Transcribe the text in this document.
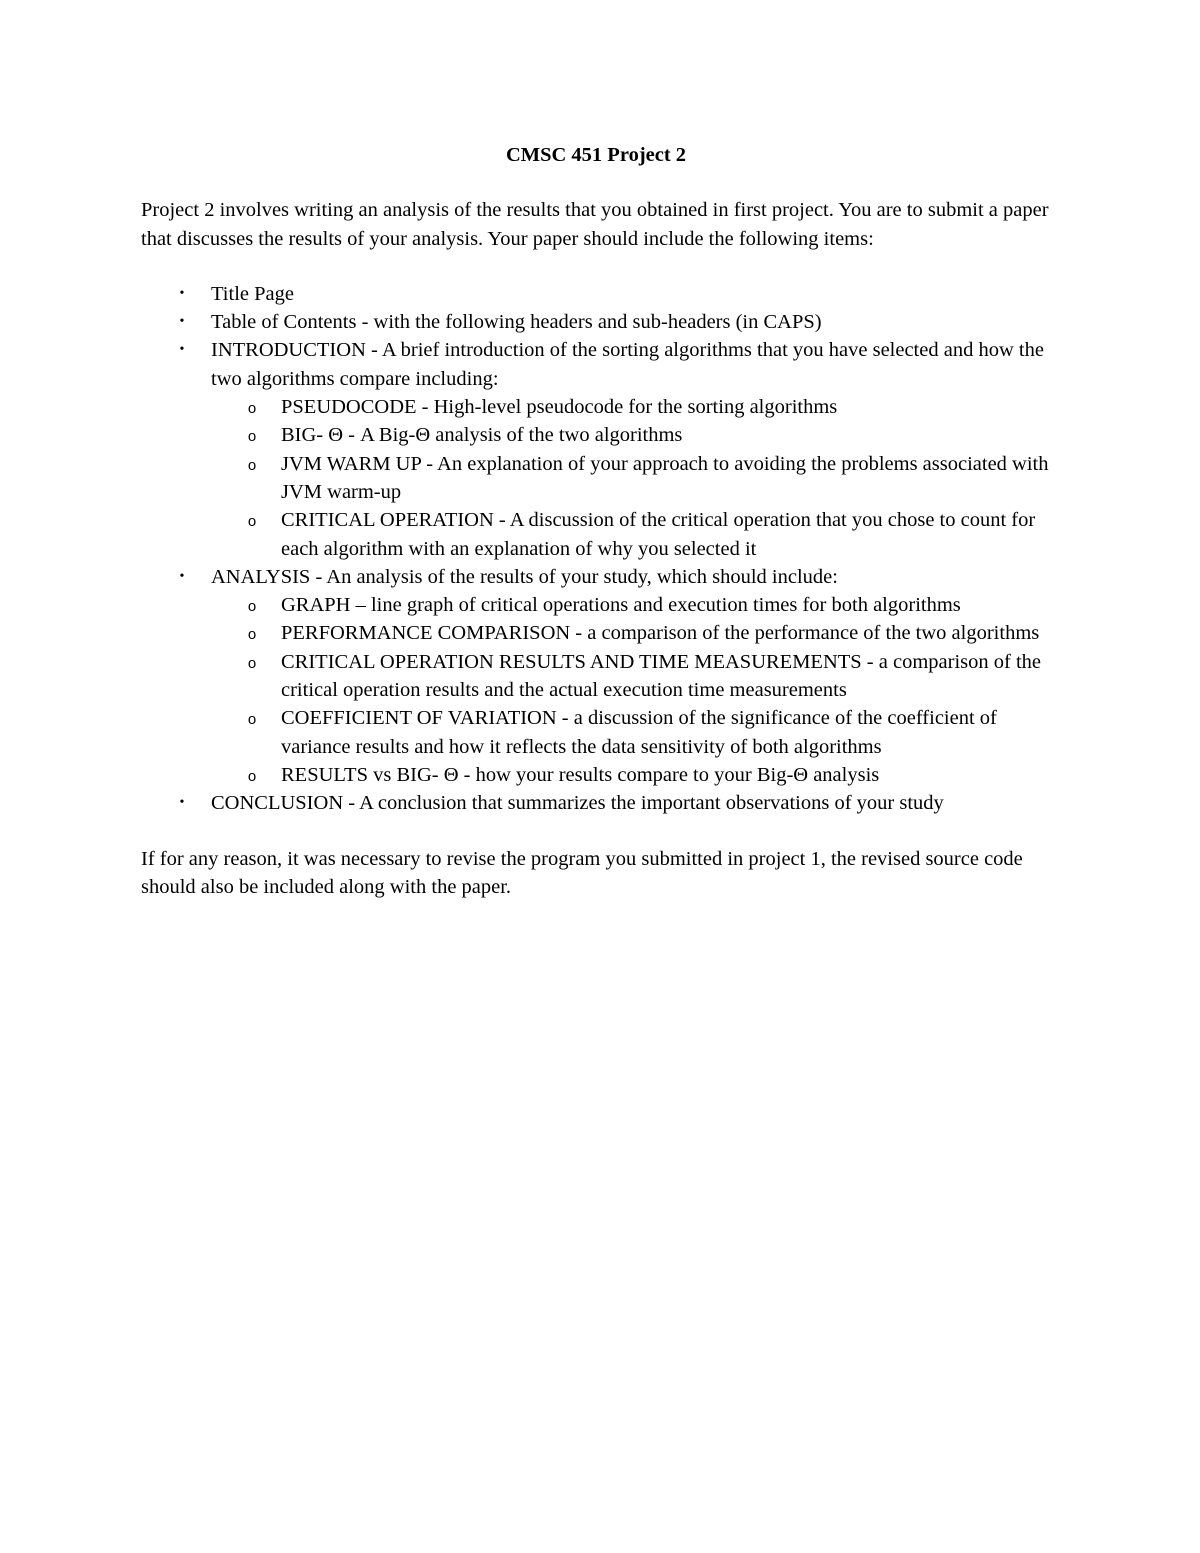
CMSC 451 Project 2

Project 2 involves writing an analysis of the results that you obtained in first project. You are to submit a paper that discusses the results of your analysis. Your paper should include the following items:

• Title Page
• Table of Contents - with the following headers and sub-headers (in CAPS)
• INTRODUCTION - A brief introduction of the sorting algorithms that you have selected and how the two algorithms compare including:
o PSEUDOCODE - High-level pseudocode for the sorting algorithms
o BIG- Θ - A Big-Θ analysis of the two algorithms
o JVM WARM UP - An explanation of your approach to avoiding the problems associated with JVM warm-up
o CRITICAL OPERATION - A discussion of the critical operation that you chose to count for each algorithm with an explanation of why you selected it
• ANALYSIS - An analysis of the results of your study, which should include:
o GRAPH – line graph of critical operations and execution times for both algorithms
o PERFORMANCE COMPARISON - a comparison of the performance of the two algorithms
o CRITICAL OPERATION RESULTS AND TIME MEASUREMENTS - a comparison of the critical operation results and the actual execution time measurements
o COEFFICIENT OF VARIATION - a discussion of the significance of the coefficient of variance results and how it reflects the data sensitivity of both algorithms
o RESULTS vs BIG- Θ - how your results compare to your Big-Θ analysis
• CONCLUSION - A conclusion that summarizes the important observations of your study

If for any reason, it was necessary to revise the program you submitted in project 1, the revised source code should also be included along with the paper.
